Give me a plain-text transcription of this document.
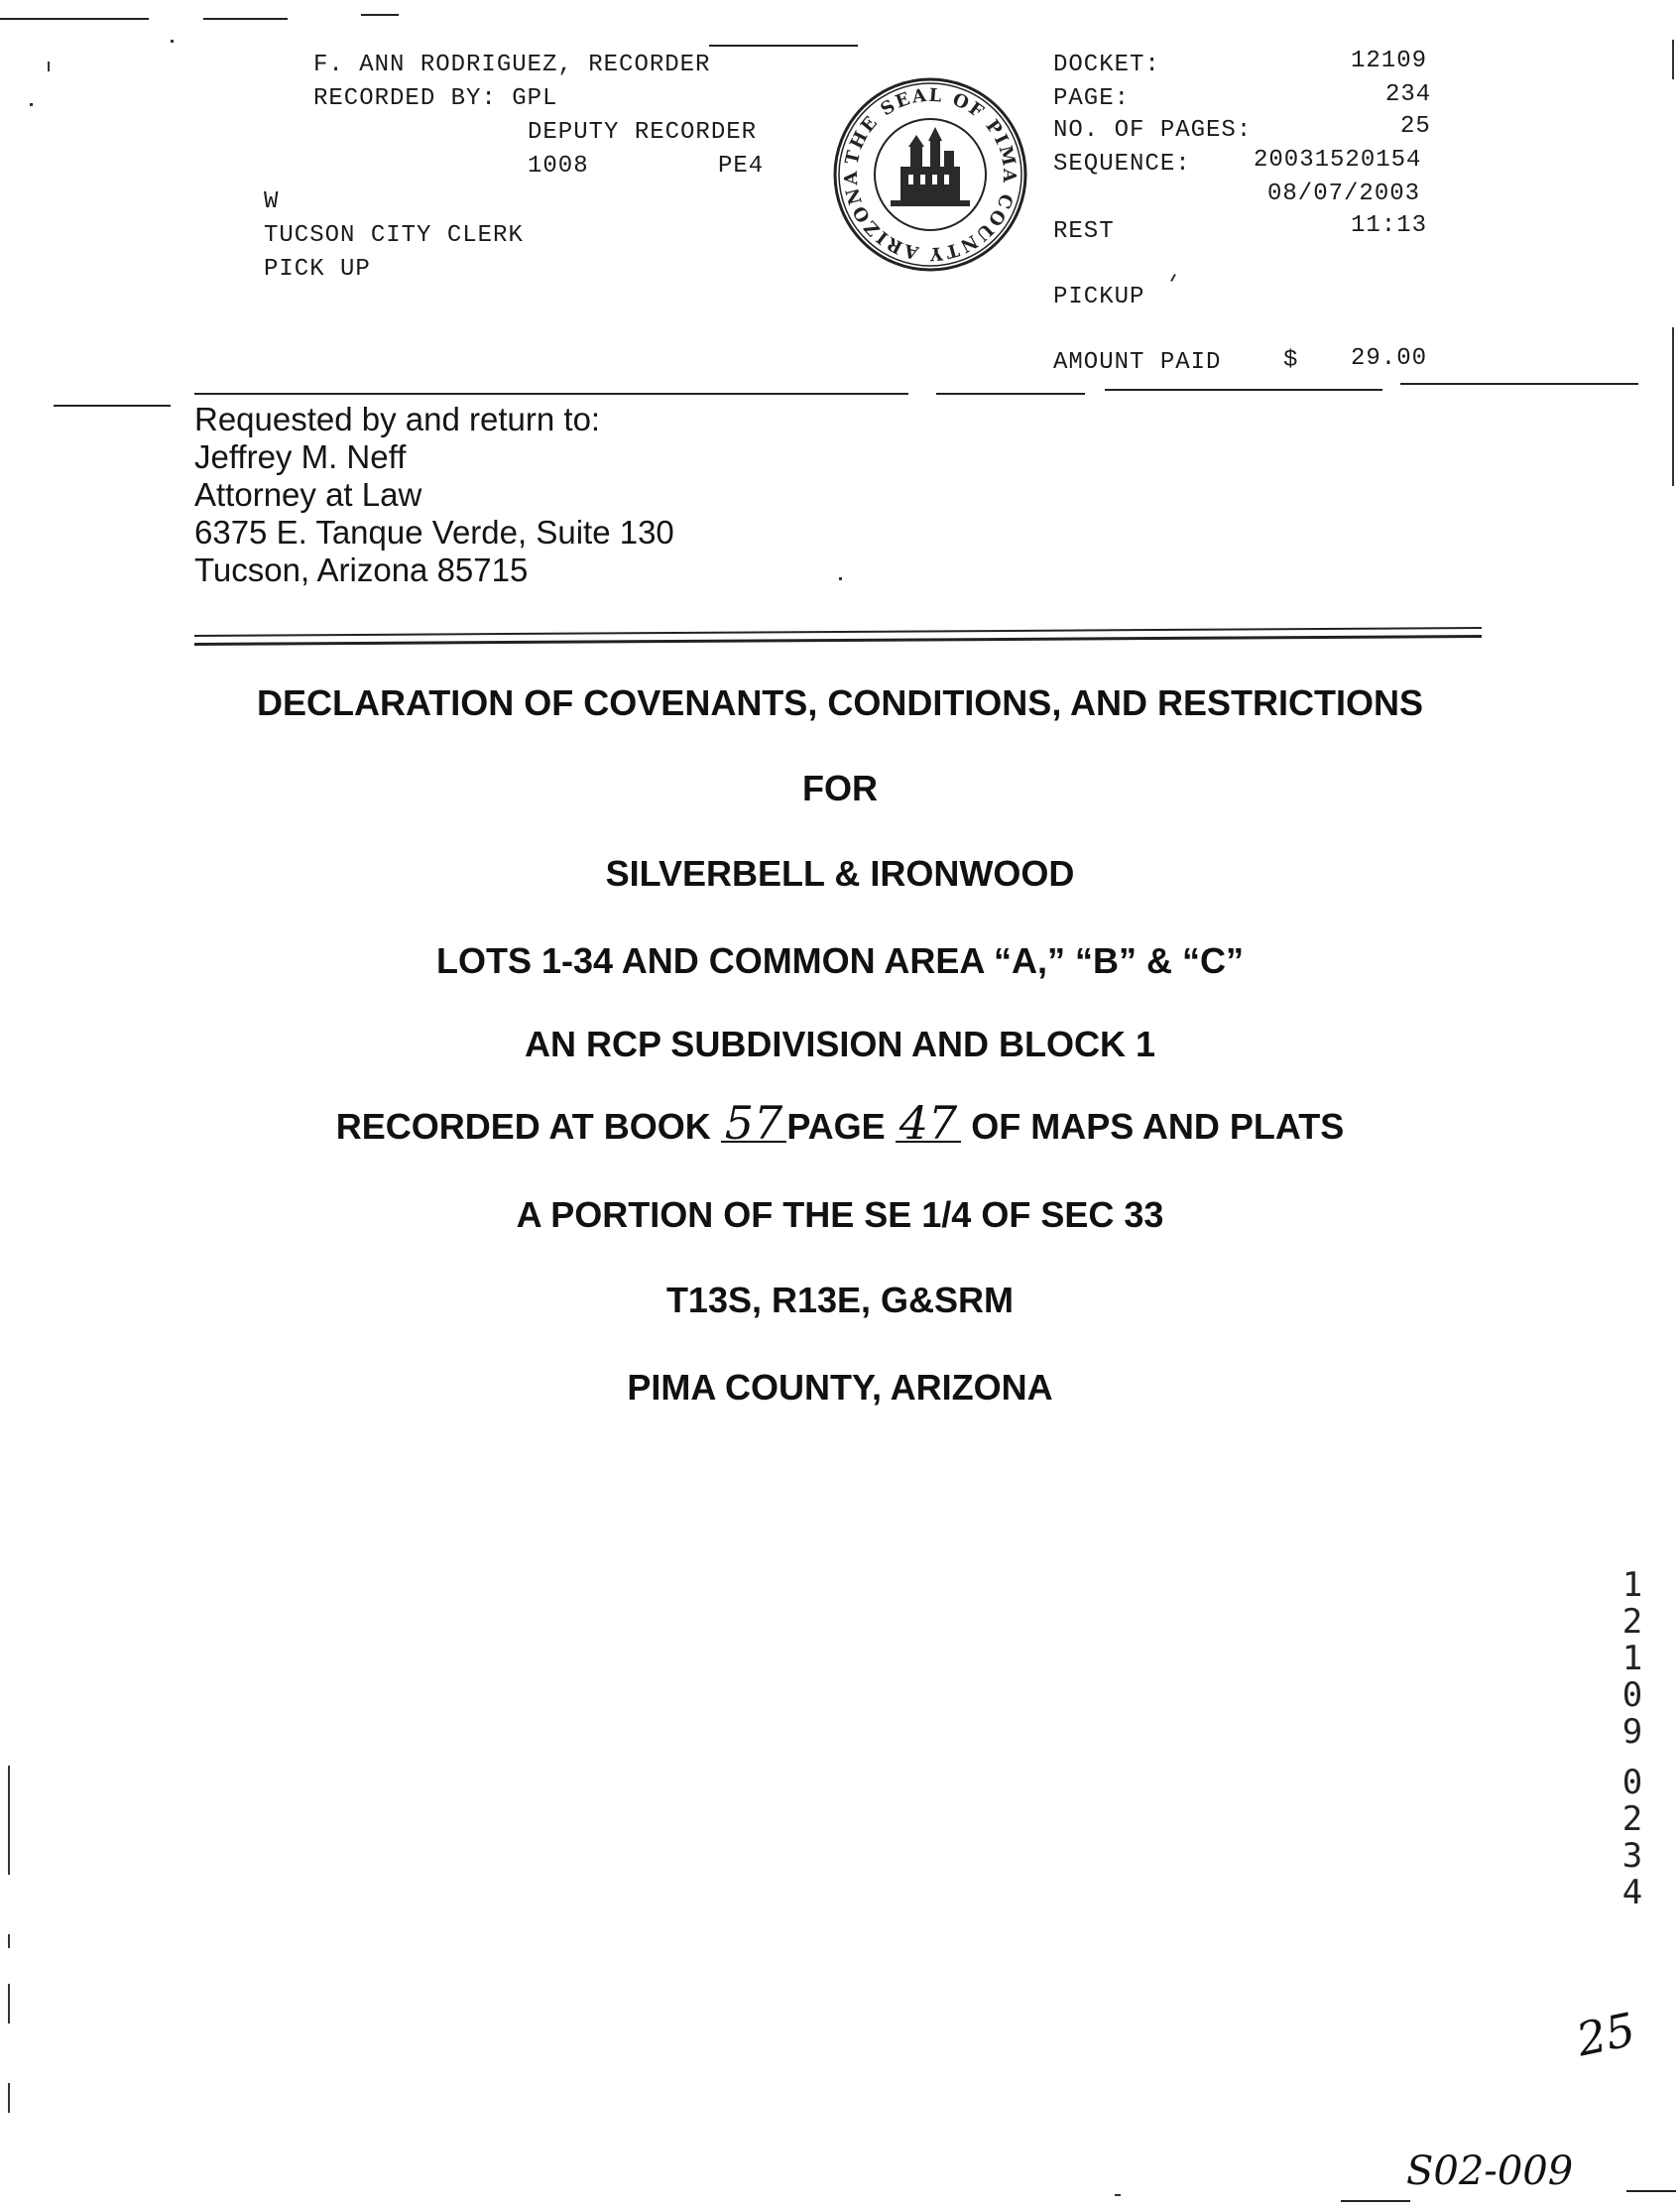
F. ANN RODRIGUEZ, RECORDER
RECORDED BY: GPL
DEPUTY RECORDER
1008	PE4
W
TUCSON CITY CLERK
PICK UP
THE SEAL OF PIMA COUNTY ARIZONA
DOCKET:	12109
PAGE:	234
NO. OF PAGES:	25
SEQUENCE:	20031520154
08/07/2003
REST	11:13
PICKUP
AMOUNT PAID	$ 29.00
Requested by and return to:
Jeffrey M. Neff
Attorney at Law
6375 E. Tanque Verde, Suite 130
Tucson, Arizona 85715
DECLARATION OF COVENANTS, CONDITIONS, AND RESTRICTIONS
FOR
SILVERBELL & IRONWOOD
LOTS 1-34 AND COMMON AREA “A,” “B” & “C”
AN RCP SUBDIVISION AND BLOCK 1
RECORDED AT BOOK 57 PAGE 47 OF MAPS AND PLATS
A PORTION OF THE SE 1/4 OF SEC 33
T13S, R13E, G&SRM
PIMA COUNTY, ARIZONA
1
2
1
0
9
0
2
3
4
25
S02-009
